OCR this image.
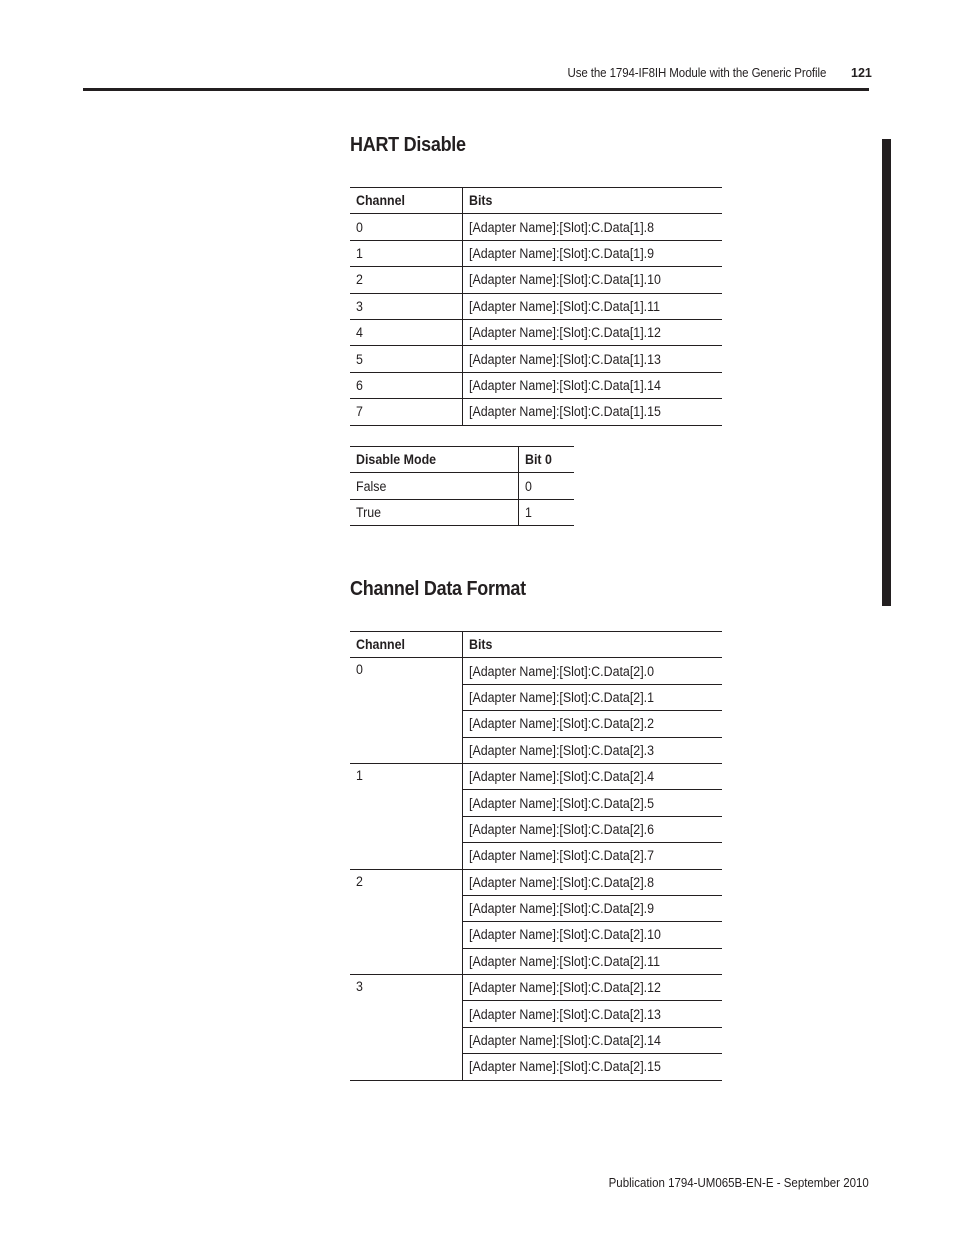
Use the 1794-IF8IH Module with the Generic Profile 121
HART Disable
Channel	Bits
0	[Adapter Name]:[Slot]:C.Data[1].8
1	[Adapter Name]:[Slot]:C.Data[1].9
2	[Adapter Name]:[Slot]:C.Data[1].10
3	[Adapter Name]:[Slot]:C.Data[1].11
4	[Adapter Name]:[Slot]:C.Data[1].12
5	[Adapter Name]:[Slot]:C.Data[1].13
6	[Adapter Name]:[Slot]:C.Data[1].14
7	[Adapter Name]:[Slot]:C.Data[1].15
Disable Mode	Bit 0
False	0
True	1
Channel Data Format
Channel	Bits
0	[Adapter Name]:[Slot]:C.Data[2].0
	[Adapter Name]:[Slot]:C.Data[2].1
	[Adapter Name]:[Slot]:C.Data[2].2
	[Adapter Name]:[Slot]:C.Data[2].3
1	[Adapter Name]:[Slot]:C.Data[2].4
	[Adapter Name]:[Slot]:C.Data[2].5
	[Adapter Name]:[Slot]:C.Data[2].6
	[Adapter Name]:[Slot]:C.Data[2].7
2	[Adapter Name]:[Slot]:C.Data[2].8
	[Adapter Name]:[Slot]:C.Data[2].9
	[Adapter Name]:[Slot]:C.Data[2].10
	[Adapter Name]:[Slot]:C.Data[2].11
3	[Adapter Name]:[Slot]:C.Data[2].12
	[Adapter Name]:[Slot]:C.Data[2].13
	[Adapter Name]:[Slot]:C.Data[2].14
	[Adapter Name]:[Slot]:C.Data[2].15
Publication 1794-UM065B-EN-E - September 2010
